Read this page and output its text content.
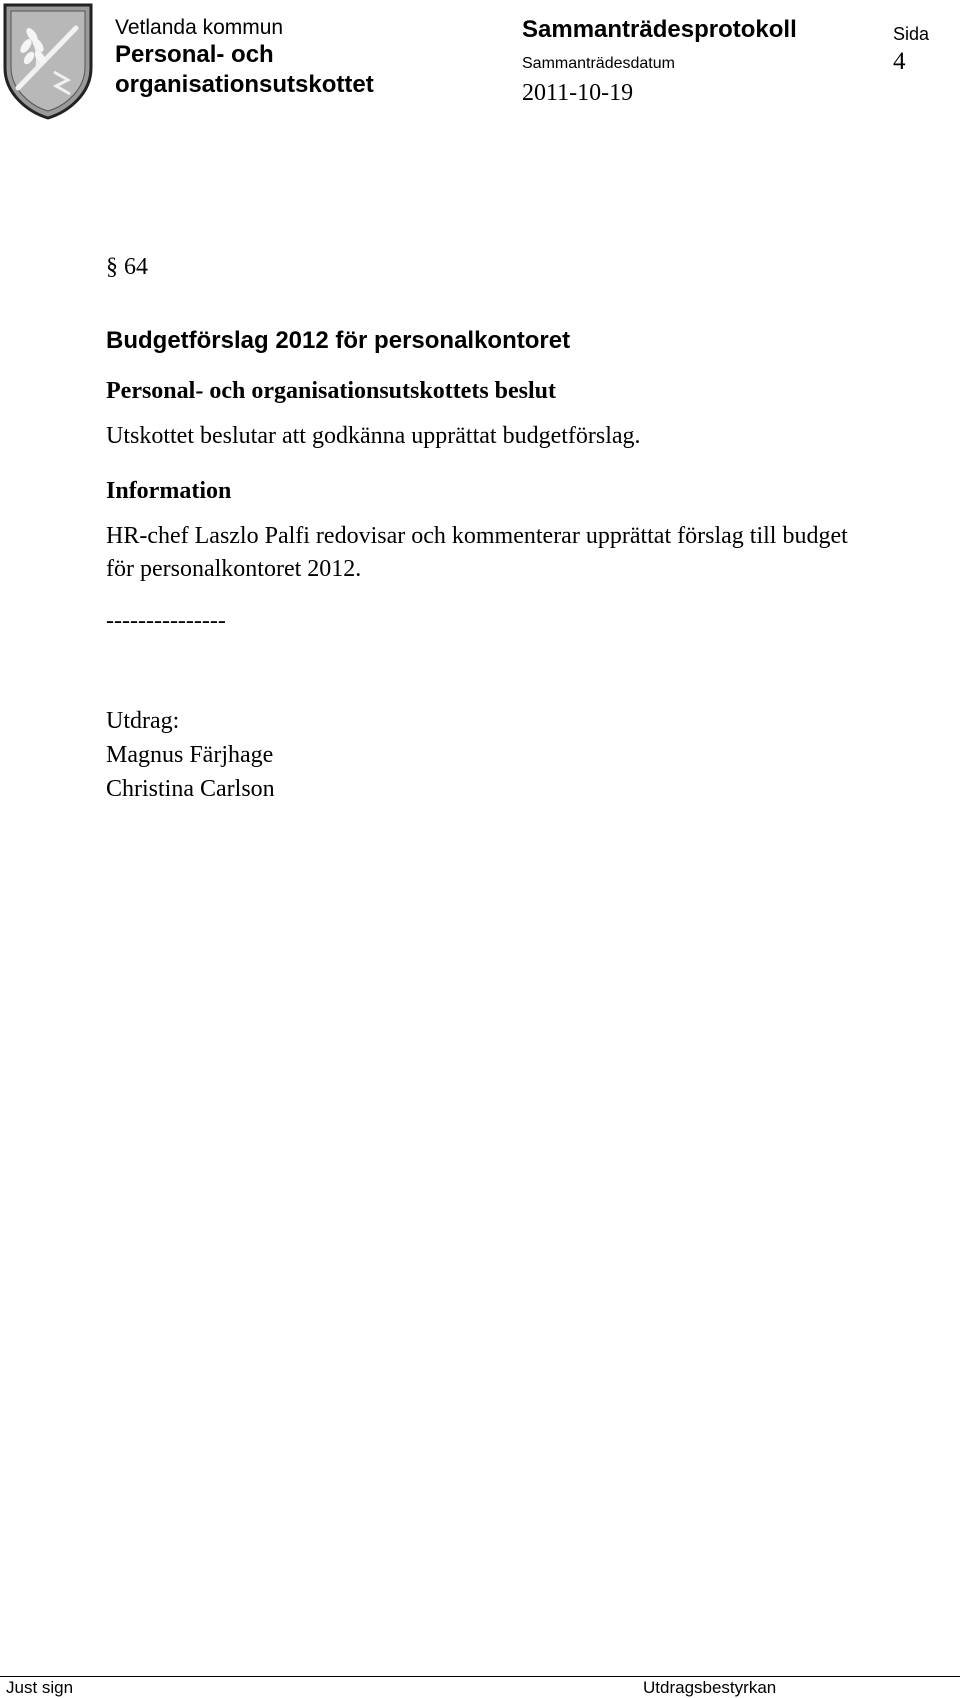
Vetlanda kommun
Personal- och
organisationsutskottet
Sammanträdesprotokoll
Sammanträdesdatum
2011-10-19
Sida
4
§ 64
Budgetförslag 2012 för personalkontoret
Personal- och organisationsutskottets beslut
Utskottet beslutar att godkänna upprättat budgetförslag.
Information
HR-chef Laszlo Palfi redovisar och kommenterar upprättat förslag till budget
för personalkontoret 2012.
---------------
Utdrag:
Magnus Färjhage
Christina Carlson
Just sign	Utdragsbestyrkan
